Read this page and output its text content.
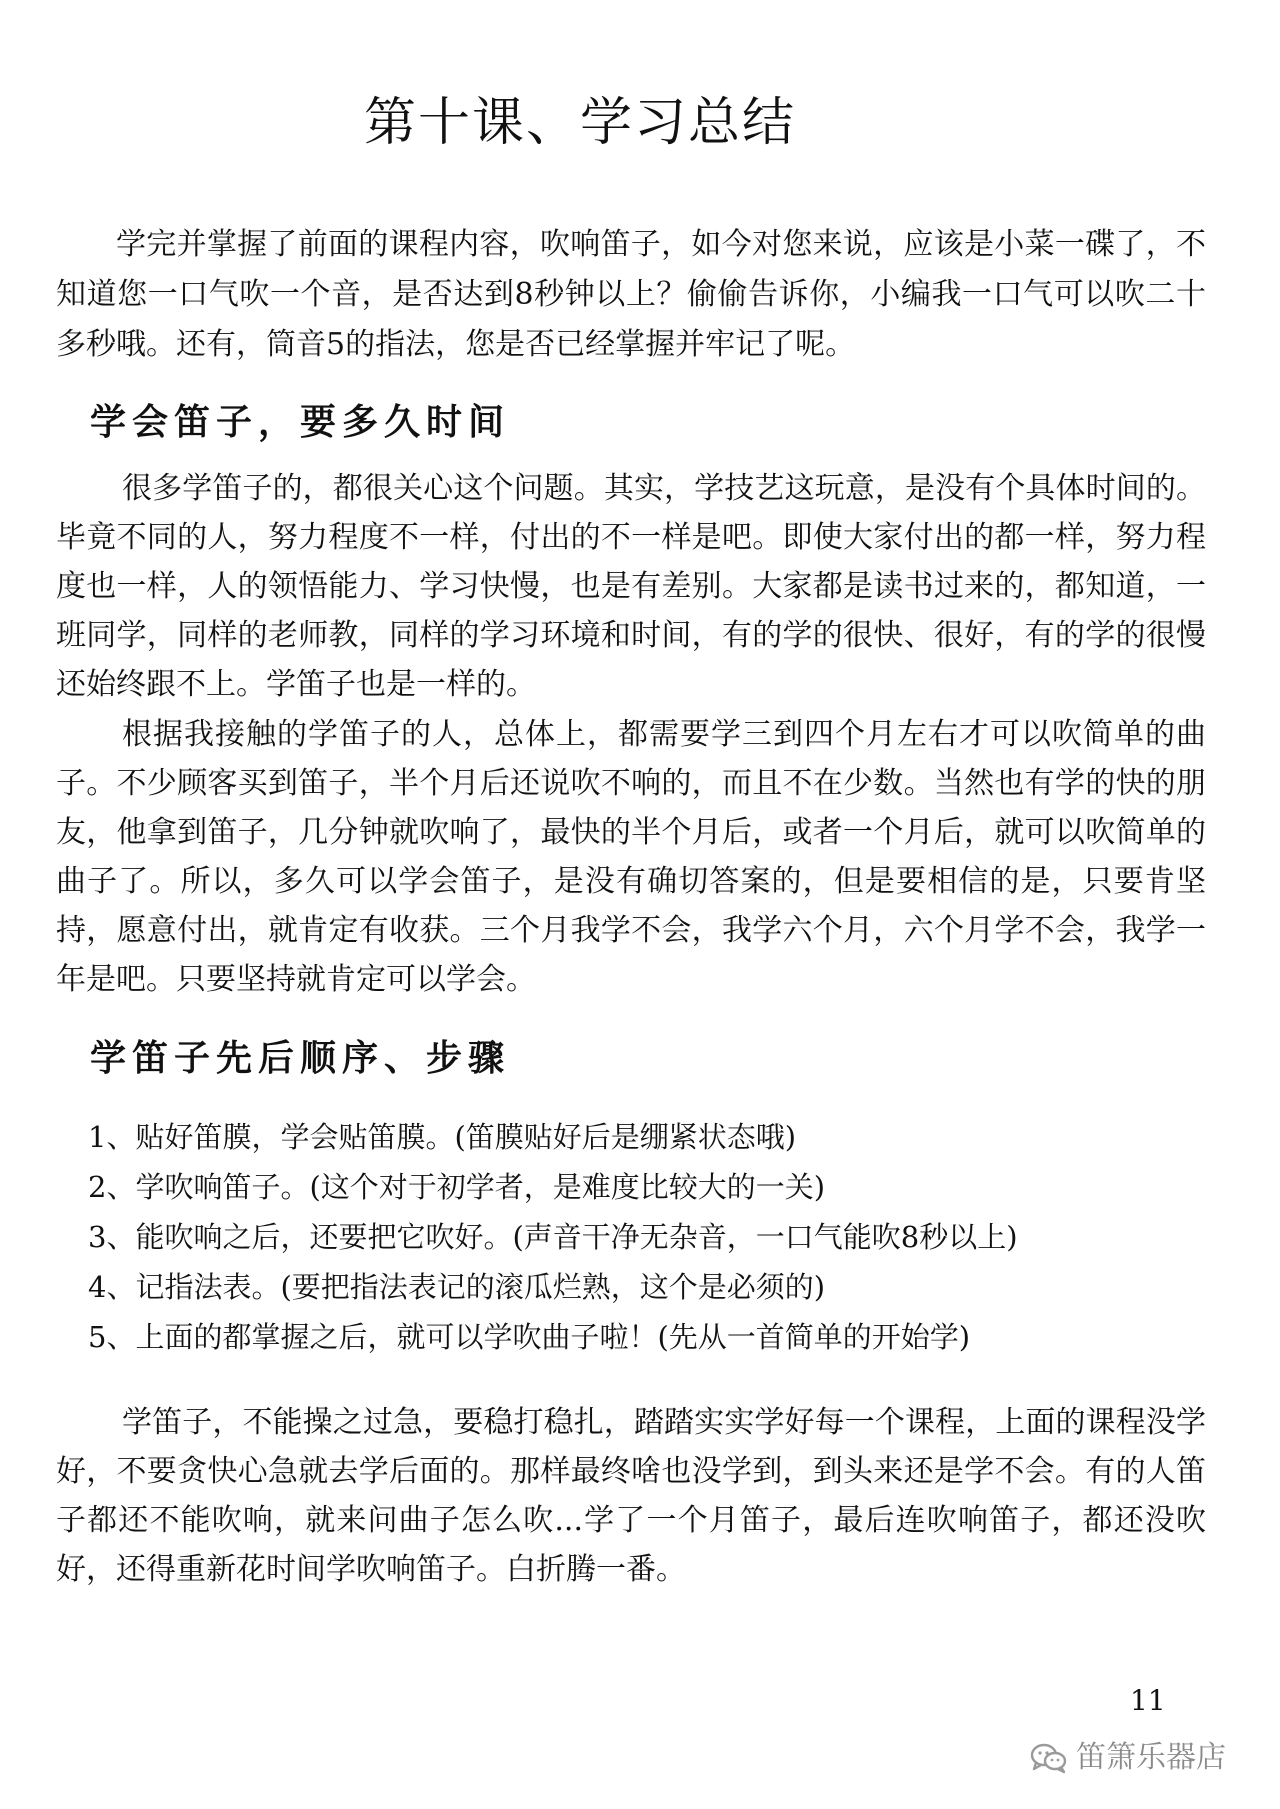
第十课、学习总结

学完并掌握了前面的课程内容，吹响笛子，如今对您来说，应该是小菜一碟了，不知道您一口气吹一个音，是否达到8秒钟以上？偷偷告诉你，小编我一口气可以吹二十多秒哦。还有，筒音5的指法，您是否已经掌握并牢记了呢。

学会笛子，要多久时间

很多学笛子的，都很关心这个问题。其实，学技艺这玩意，是没有个具体时间的。毕竟不同的人，努力程度不一样，付出的不一样是吧。即使大家付出的都一样，努力程度也一样，人的领悟能力、学习快慢，也是有差别。大家都是读书过来的，都知道，一班同学，同样的老师教，同样的学习环境和时间，有的学的很快、很好，有的学的很慢还始终跟不上。学笛子也是一样的。

根据我接触的学笛子的人，总体上，都需要学三到四个月左右才可以吹简单的曲子。不少顾客买到笛子，半个月后还说吹不响的，而且不在少数。当然也有学的快的朋友，他拿到笛子，几分钟就吹响了，最快的半个月后，或者一个月后，就可以吹简单的曲子了。所以，多久可以学会笛子，是没有确切答案的，但是要相信的是，只要肯坚持，愿意付出，就肯定有收获。三个月我学不会，我学六个月，六个月学不会，我学一年是吧。只要坚持就肯定可以学会。

学笛子先后顺序、步骤
1、贴好笛膜，学会贴笛膜。(笛膜贴好后是绷紧状态哦)
2、学吹响笛子。(这个对于初学者，是难度比较大的一关)
3、能吹响之后，还要把它吹好。(声音干净无杂音，一口气能吹8秒以上)
4、记指法表。(要把指法表记的滚瓜烂熟，这个是必须的)
5、上面的都掌握之后，就可以学吹曲子啦！(先从一首简单的开始学)

学笛子，不能操之过急，要稳打稳扎，踏踏实实学好每一个课程，上面的课程没学好，不要贪快心急就去学后面的。那样最终啥也没学到，到头来还是学不会。有的人笛子都还不能吹响，就来问曲子怎么吹...学了一个月笛子，最后连吹响笛子，都还没吹好，还得重新花时间学吹响笛子。白折腾一番。

11
笛箫乐器店
